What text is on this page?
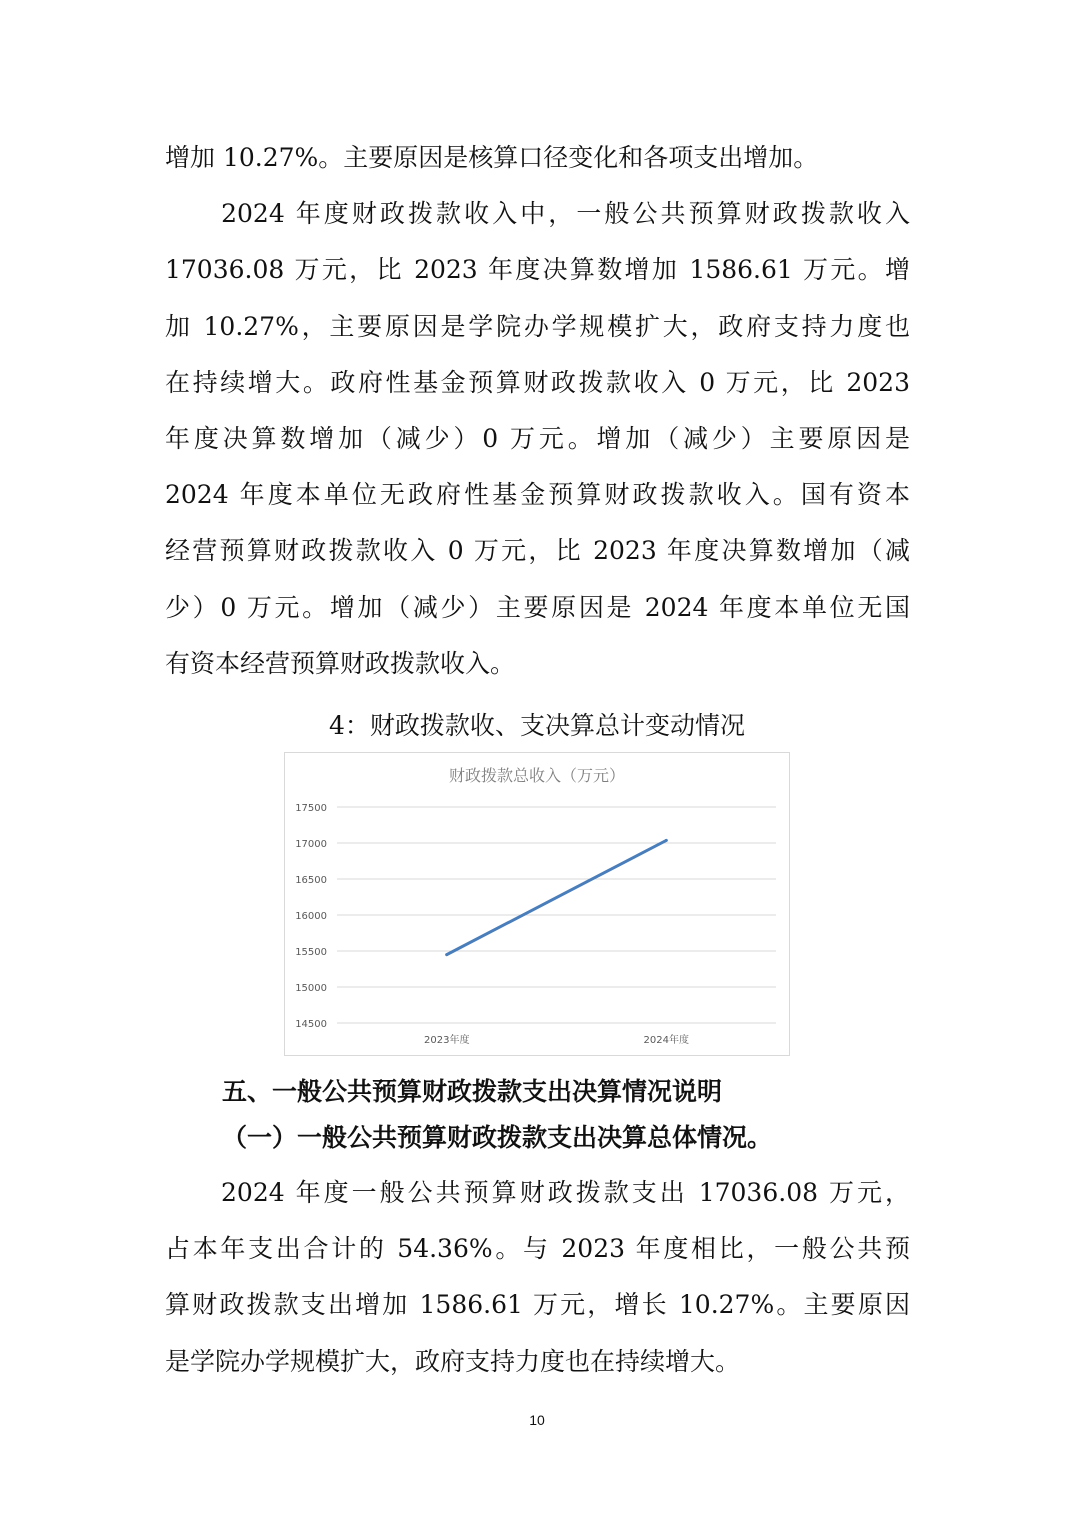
增加 10.27%。主要原因是核算口径变化和各项支出增加。
　　2024 年度财政拨款收入中，一般公共预算财政拨款收入
17036.08 万元，比 2023 年度决算数增加 1586.61 万元。增
加 10.27%，主要原因是学院办学规模扩大，政府支持力度也
在持续增大。政府性基金预算财政拨款收入 0 万元，比 2023
年度决算数增加（减少）0 万元。增加（减少）主要原因是
2024 年度本单位无政府性基金预算财政拨款收入。国有资本
经营预算财政拨款收入 0 万元，比 2023 年度决算数增加（减
少）0 万元。增加（减少）主要原因是 2024 年度本单位无国
有资本经营预算财政拨款收入。
4：财政拨款收、支决算总计变动情况
财政拨款总收入（万元）
14500
15000
15500
16000
16500
17000
17500
2023年度	2024年度
五、一般公共预算财政拨款支出决算情况说明
（一）一般公共预算财政拨款支出决算总体情况。
　　2024 年度一般公共预算财政拨款支出 17036.08 万元，
占本年支出合计的 54.36%。与 2023 年度相比，一般公共预
算财政拨款支出增加 1586.61 万元，增长 10.27%。主要原因
是学院办学规模扩大，政府支持力度也在持续增大。
10
